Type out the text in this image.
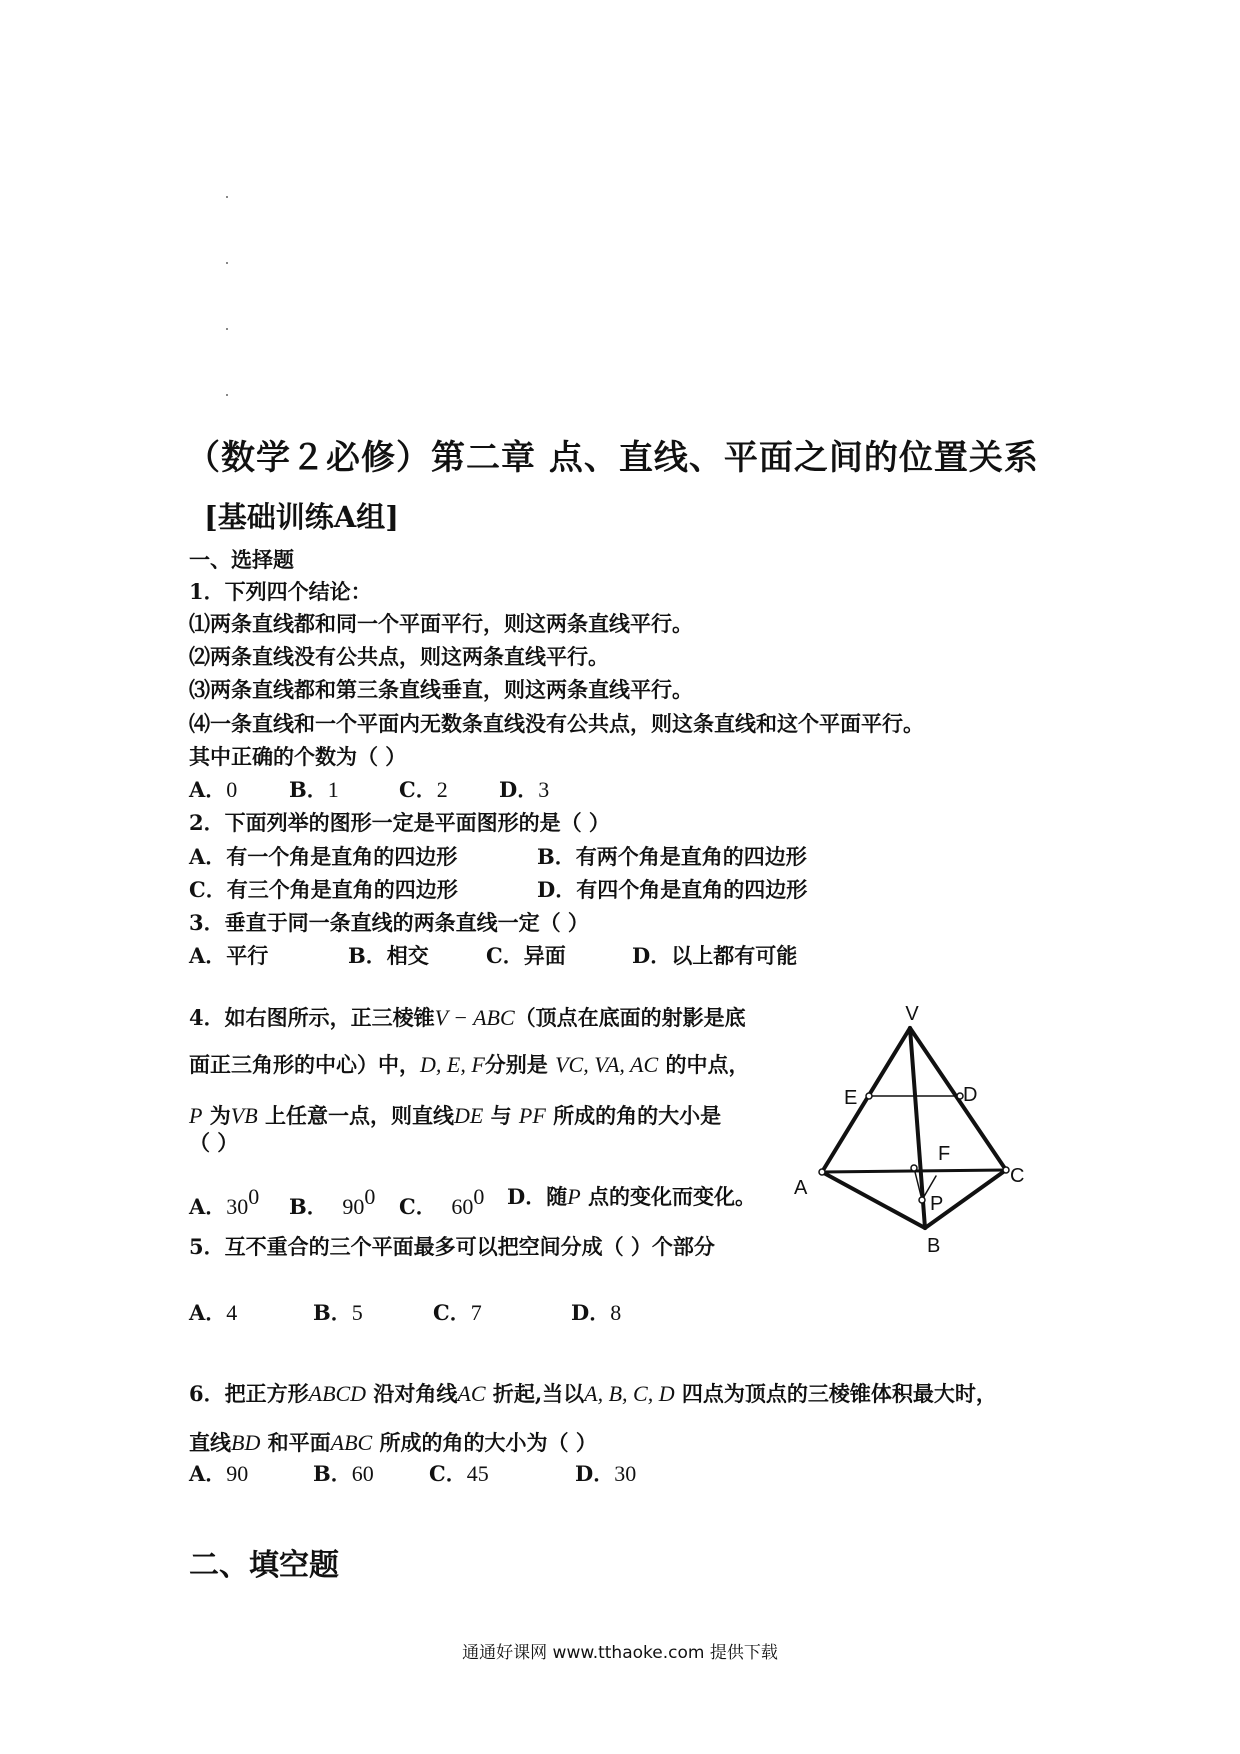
（数学２必修）第二章 点、直线、平面之间的位置关系
[基础训练A组]
一、选择题
1．下列四个结论：
⑴两条直线都和同一个平面平行，则这两条直线平行。
⑵两条直线没有公共点，则这两条直线平行。
⑶两条直线都和第三条直线垂直，则这两条直线平行。
⑷一条直线和一个平面内无数条直线没有公共点，则这条直线和这个平面平行。
其中正确的个数为（ ）
A．0 B．1	C．2 D．3
2．下面列举的图形一定是平面图形的是（ ）
A．有一个角是直角的四边形	B．有两个角是直角的四边形
C．有三个角是直角的四边形	D．有四个角是直角的四边形
3．垂直于同一条直线的两条直线一定（ ）
A．平行	B．相交	C．异面	D．以上都有可能
4．如右图所示，正三棱锥V − ABC（顶点在底面的射影是底
面正三角形的中心）中，D, E, F分别是 VC, VA, AC 的中点，
P 为VB 上任意一点，则直线DE 与 PF 所成的角的大小是
（ ）
A．$30^0$ B． $90^0$ C． $60^0$ D．随P 点的变化而变化。
5．互不重合的三个平面最多可以把空间分成（ ）个部分
A．4	B．5	C．7	D．8
6．把正方形ABCD 沿对角线AC 折起,当以A, B, C, D 四点为顶点的三棱锥体积最大时，
直线BD 和平面ABC 所成的角的大小为（ ）
A．90	B．60	C．45	D．30
二、填空题
V
E	D
F
A
C
P
B
通通好课网 www.tthaoke.com 提供下载
